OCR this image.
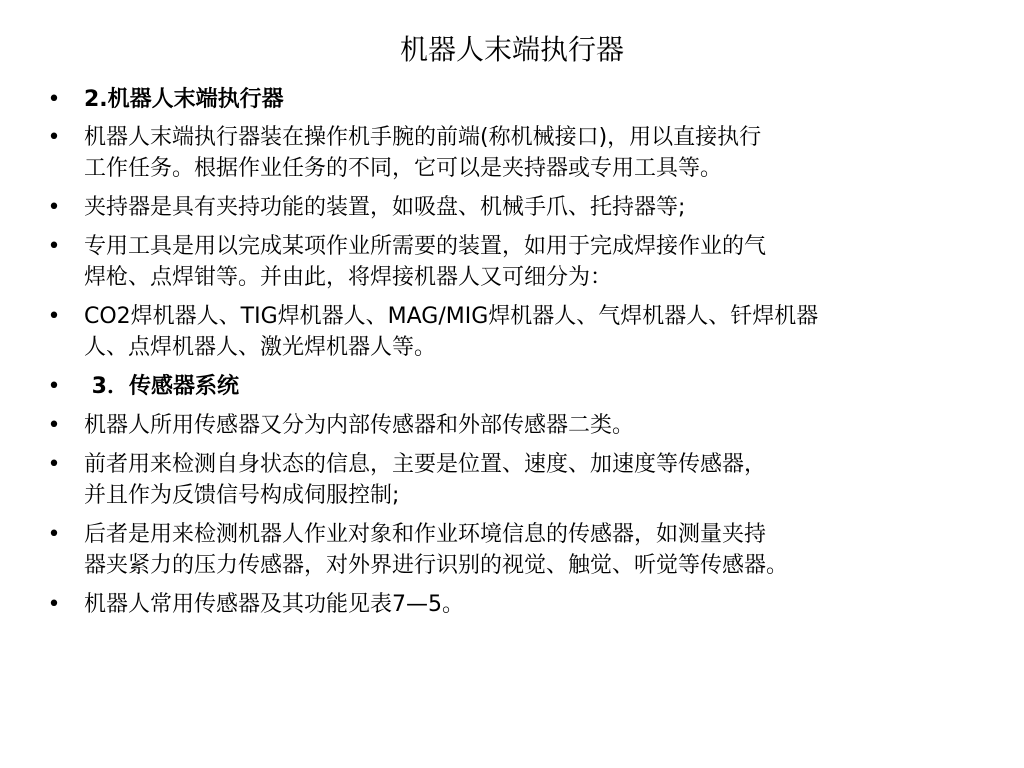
机器人末端执行器
• 2.机器人末端执行器
• 机器人末端执行器装在操作机手腕的前端(称机械接口)，用以直接执行
工作任务。根据作业任务的不同，它可以是夹持器或专用工具等。
• 夹持器是具有夹持功能的装置，如吸盘、机械手爪、托持器等;
• 专用工具是用以完成某项作业所需要的装置，如用于完成焊接作业的气
焊枪、点焊钳等。并由此，将焊接机器人又可细分为：
• CO2焊机器人、TIG焊机器人、MAG/MIG焊机器人、气焊机器人、钎焊机器
人、点焊机器人、激光焊机器人等。
• 3．传感器系统
• 机器人所用传感器又分为内部传感器和外部传感器二类。
• 前者用来检测自身状态的信息，主要是位置、速度、加速度等传感器，
并且作为反馈信号构成伺服控制;
• 后者是用来检测机器人作业对象和作业环境信息的传感器，如测量夹持
器夹紧力的压力传感器，对外界进行识别的视觉、触觉、听觉等传感器。
• 机器人常用传感器及其功能见表7—5。
